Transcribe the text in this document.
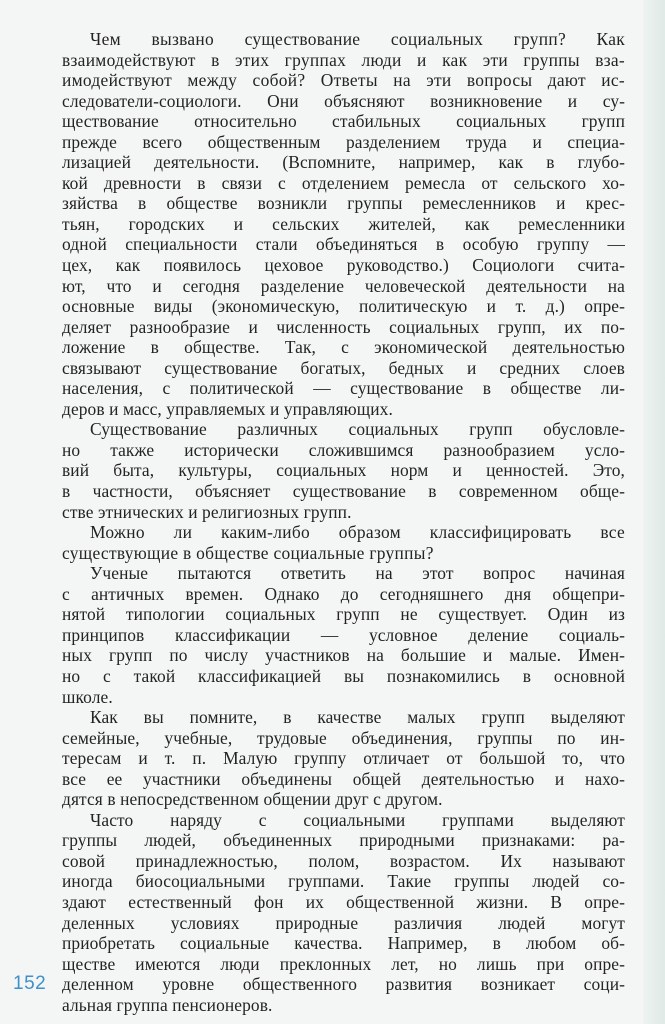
Чем вызвано существование социальных групп? Как
взаимодействуют в этих группах люди и как эти группы вза-
имодействуют между собой? Ответы на эти вопросы дают ис-

следователи-социологи. Они объясняют возникновение и су-
ществование относительно стабильных социальных групп
прежде всего общественным разделением труда и специа-
лизацией деятельности. (Вспомните, например, как в глубо-
кой древности в связи с отделением ремесла от сельского хо-
зяйства в обществе возникли группы ремесленников и крес-
тьян, городских и сельских жителей, как ремесленники
одной специальности стали объединяться в особую группу —
цех, как появилось цеховое руководство.) Социологи счита-
ют, что и сегодня разделение человеческой деятельности на
основные виды (экономическую, политическую и т. д.) опре-
деляет разнообразие и численность социальных групп, их по-
ложение в обществе. Так, с экономической деятельностью
связывают существование богатых, бедных и средних слоев
населения, с политической — существование в обществе ли-
деров и масс, управляемых и управляющих.

Существование различных социальных групп обусловле-
но также исторически сложившимся разнообразием усло-
вий быта, культуры, социальных норм и ценностей. Это,
в частности, объясняет существование в современном обще-
стве этнических и религиозных групп.

Можно ли каким-либо образом классифицировать все
существующие в обществе социальные группы?

Ученые пытаются ответить на этот вопрос начиная
с античных времен. Однако до сегодняшнего дня общепри-
нятой типологии социальных групп не существует. Один из
принципов классификации — условное деление социаль-
ных групп по числу участников на большие и малые. Имен-
но с такой классификацией вы познакомились в основной
школе.

Как вы помните, в качестве малых групп выделяют
семейные, учебные, трудовые объединения, группы по ин-
тересам и т. п. Малую группу отличает от большой то, что
все ее участники объединены общей деятельностью и нахо-
дятся в непосредственном общении друг с другом.

Часто наряду с социальными группами выделяют
группы людей, объединенных природными признаками: ра-
совой принадлежностью, полом, возрастом. Их называют
иногда биосоциальными группами. Такие группы людей со-
здают естественный фон их общественной жизни. В опре-
деленных условиях природные различия людей могут
приобретать социальные качества. Например, в любом об-
ществе имеются люди преклонных лет, но лишь при опре-
деленном уровне общественного развития возникает соци-
альная группа пенсионеров.

152
